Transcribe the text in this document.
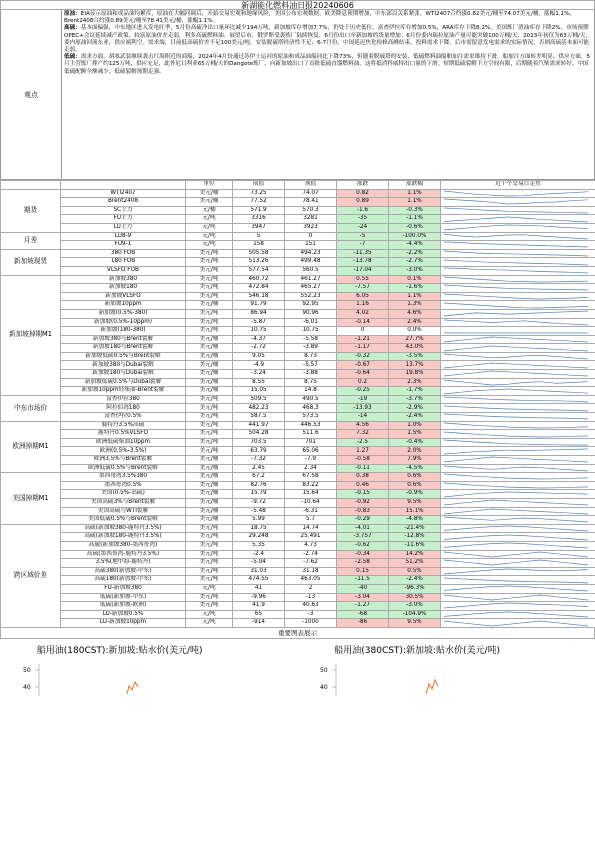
新湖能化燃料油日报20240606
观点
原油：EIA显示原油和成品油均累库，原油在大幅回调后，开始交易宏观和地缘风险，美国公布宏观数据，欧美降息预期增加，中东部以关系紧张。WTI2407合约涨0.82美元/桶至74.07美元/桶，涨幅1.1%，Brent2408合约涨0.89美元/桶至78.41美元/桶，涨幅1.1%。
高硫：基本面偏强，中东地区进入发电旺季，5月份高硫净出口量环比减少194万吨，新加坡库存增加7.7%，仍处于历史低位，富查伊拉库存增加0.5%，ARA库存下降8.2%，美国炼厂渣油库存下降2%。市场预期OPEC+会议延续减产政策，较富原油价差走弱，利多高硫燃料油。展望后市，俄罗斯受袭炼厂陆续恢复，6月份出口至新加坡的货量增加；6月份委内瑞拉原油产量可能突破100万桶/天，2023年初仅为63万桶/天，委内原油回流东亚，供应端利空。需求端，目前低高硫价差不足100美元/吨，安装脱硫塔经济性不足；6-7月份，中国延迟焦化检修高峰结束，投料需求下降。后市需留意发电需求的实际情况，否则高硫基本面可能走弱。
低硫：需求方面，胡塞武装继续袭击红海附近的商船，2024年4月份通过苏伊士运河的原油和成品油船同比下降73%，但随着脱硫塔的安装，低硫燃料油船舶加注需求维持下滑，船加注方面转差明显。供应方面，5月主营炼厂排产约125万吨，供应充足，此外尼日利亚65万桶/天的Dangote炼厂，向新加坡出口了首批低硫直馏燃料油，这将抵消科威特出口量的下滑。短期低硫裂解下方空间有限，后期随着汽柴需求转好、中国低硫配额全额减少，低硫裂解预期走强。
		单位	前值	现值	涨跌	涨跌幅	近十个交易日走势
期货	WTI2407	美元/桶	73.25	74.07	0.82	1.1%	

	Brent2408	美元/桶	77.52	78.41	0.89	1.1%	

	SC主力	元/桶	571.9	570.3	-1.6	-0.3%	

	FU主力	元/吨	3316	3281	-35	-1.1%	

	LU主力	元/吨	3947	3923	-24	-0.6%	

月差	LU8-9	元/吨	5	0	-5	-100.0%	

	FU9-1	元/吨	158	151	-7	-4.4%	

新加坡现货	380 FOB	美元/吨	505.58	494.23	-11.35	-2.2%	

	180 FOB	美元/吨	513.26	499.48	-13.78	-2.7%	

	VLSFO FOB	美元/吨	577.54	560.5	-17.04	-3.0%	

新加坡掉期M1	新加坡380	美元/吨	460.72	461.27	0.55	0.1%	

	新加坡180	美元/吨	472.84	465.27	-7.57	-1.6%	

	新加坡VLSFO	美元/吨	546.18	552.23	6.05	1.1%	

	新加坡10ppm	美元/桶	91.79	92.95	1.16	1.3%	

	新加坡(0.5%-380)	美元/吨	86.94	90.96	4.02	4.6%	

	新加坡(0.5%-10ppm)	美元/吨	-5.87	-6.01	-0.14	2.4%	

	新加坡(180-380)	美元/吨	10.75	10.75	0	0.0%	

	新加坡380与Brent裂解	美元/桶	-4.37	-5.58	-1.21	27.7%	

	新加坡180与Brent裂解	美元/桶	-2.72	-3.89	-1.17	43.0%	

	新加坡低硫0.5%与Brent裂解	美元/桶	9.05	8.73	-0.32	-3.5%	

	新加坡380与Dubai裂解	美元/桶	-4.9	-5.57	-0.67	13.7%	

	新加坡180与Dubai裂解	美元/桶	-3.24	-3.88	-0.64	19.8%	

	新加坡低硫0.5%与Dubai裂解	美元/桶	8.55	8.75	0.2	2.3%	

	新加坡10ppm轻柴油-Brent裂解	美元/桶	15.05	14.8	-0.25	-1.7%	

中东市场价	富查伊拉380	美元/吨	509.5	490.5	-19	-3.7%	

	阿拉伯湾180	美元/吨	482.23	468.3	-13.93	-2.9%	

	富查伊拉0.5%	美元/吨	587.5	573.5	-14	-2.4%	

欧洲掉期M1	鹿特丹3.5%高硫	美元/吨	441.97	446.53	4.56	1.0%	

	鹿特丹0.5%VLSFO	美元/吨	504.28	511.6	7.32	1.5%	

	欧洲低硫柴油10ppm	美元/吨	703.5	701	-2.5	-0.4%	

	欧洲(0.5%-3.5%)	美元/吨	63.79	65.06	1.27	2.0%	

	欧洲3.5%与Brent裂解	美元/桶	-7.32	-7.9	-0.58	7.9%	

	欧洲低硫0.5%与Brent裂解	美元/桶	2.45	2.34	-0.11	-4.5%	

美国掉期M1	墨西哥湾3.5%380	美元/桶	67.2	67.58	0.38	0.6%	

	墨西哥湾0.5%	美元/桶	82.76	83.22	0.46	0.6%	

	美国(0.5%-高硫)	美元/桶	15.79	15.64	-0.15	-0.9%	

	美国高硫3%与Brent裂解	美元/桶	-9.72	-10.64	-0.92	9.5%	

	美国高硫与WTI裂解	美元/桶	-5.48	-6.31	-0.83	15.1%	

	美国低硫0.5%与Brent裂解	美元/桶	5.99	5.7	-0.29	-4.8%	

跨区域价差	高硫(新加坡380-鹿特丹3.5%)	美元/吨	18.75	14.74	-4.01	-21.4%	

	高硫(新加坡180-鹿特丹3.5%)	美元/吨	29.248	25.491	-3.757	-12.8%	

	高硫(新加坡380-墨西哥湾)	美元/吨	5.35	4.73	-0.62	-11.6%	

	高硫(墨西哥湾-鹿特丹3.5%)	美元/吨	-2.4	-2.74	-0.34	14.2%	

	3.5%(地中海-鹿特丹)	美元/吨	-5.04	-7.62	-2.58	51.2%	

	高硫380(新加坡-中东)	美元/吨	31.03	31.18	0.15	0.5%	

	高硫180(新加坡-中东)	美元/吨	474.55	463.05	-11.5	-2.4%	

	FU-新加坡380	元/吨	41	2	-40	-96.3%	

	低硫(新加坡-中东)	美元/吨	-9.96	-13	-3.04	30.5%	

	低硫(新加坡-欧洲)	美元/吨	41.9	40.63	-1.27	-3.0%	

	LU-新加坡0.5%	元/吨	65	-3	-68	-104.9%	

	LU-新加坡10ppm	元/吨	-914	-1000	-86	9.5%	
重要图表展示
船用油(180CST):新加坡:贴水价(美元/吨)
50
40
船用油(380CST):新加坡:贴水价(美元/吨)
50
40
